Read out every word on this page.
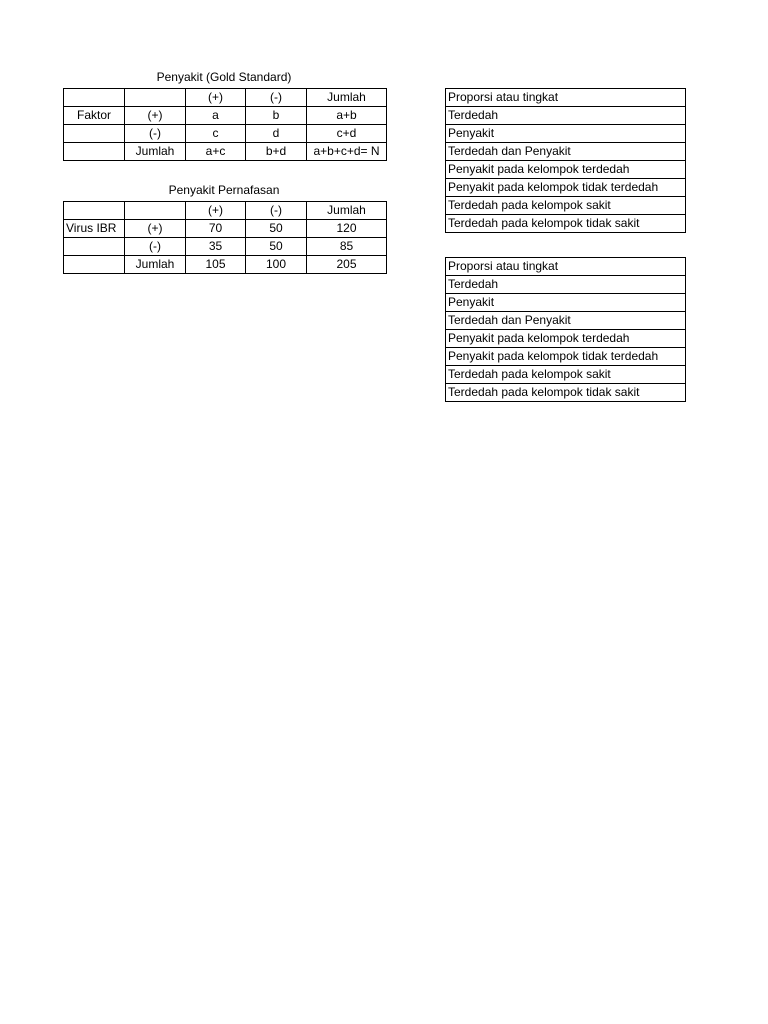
Penyakit (Gold Standard)
		(+)	(-)	Jumlah
Faktor	(+)	a	b	a+b
	(-)	c	d	c+d
	Jumlah	a+c	b+d	a+b+c+d= N
Penyakit Pernafasan
		(+)	(-)	Jumlah
Virus IBR	(+)	70	50	120
	(-)	35	50	85
	Jumlah	105	100	205
Proporsi atau tingkat
Terdedah
Penyakit
Terdedah dan Penyakit
Penyakit pada kelompok terdedah
Penyakit pada kelompok tidak terdedah
Terdedah pada kelompok sakit
Terdedah pada kelompok tidak sakit
Proporsi atau tingkat
Terdedah
Penyakit
Terdedah dan Penyakit
Penyakit pada kelompok terdedah
Penyakit pada kelompok tidak terdedah
Terdedah pada kelompok sakit
Terdedah pada kelompok tidak sakit
